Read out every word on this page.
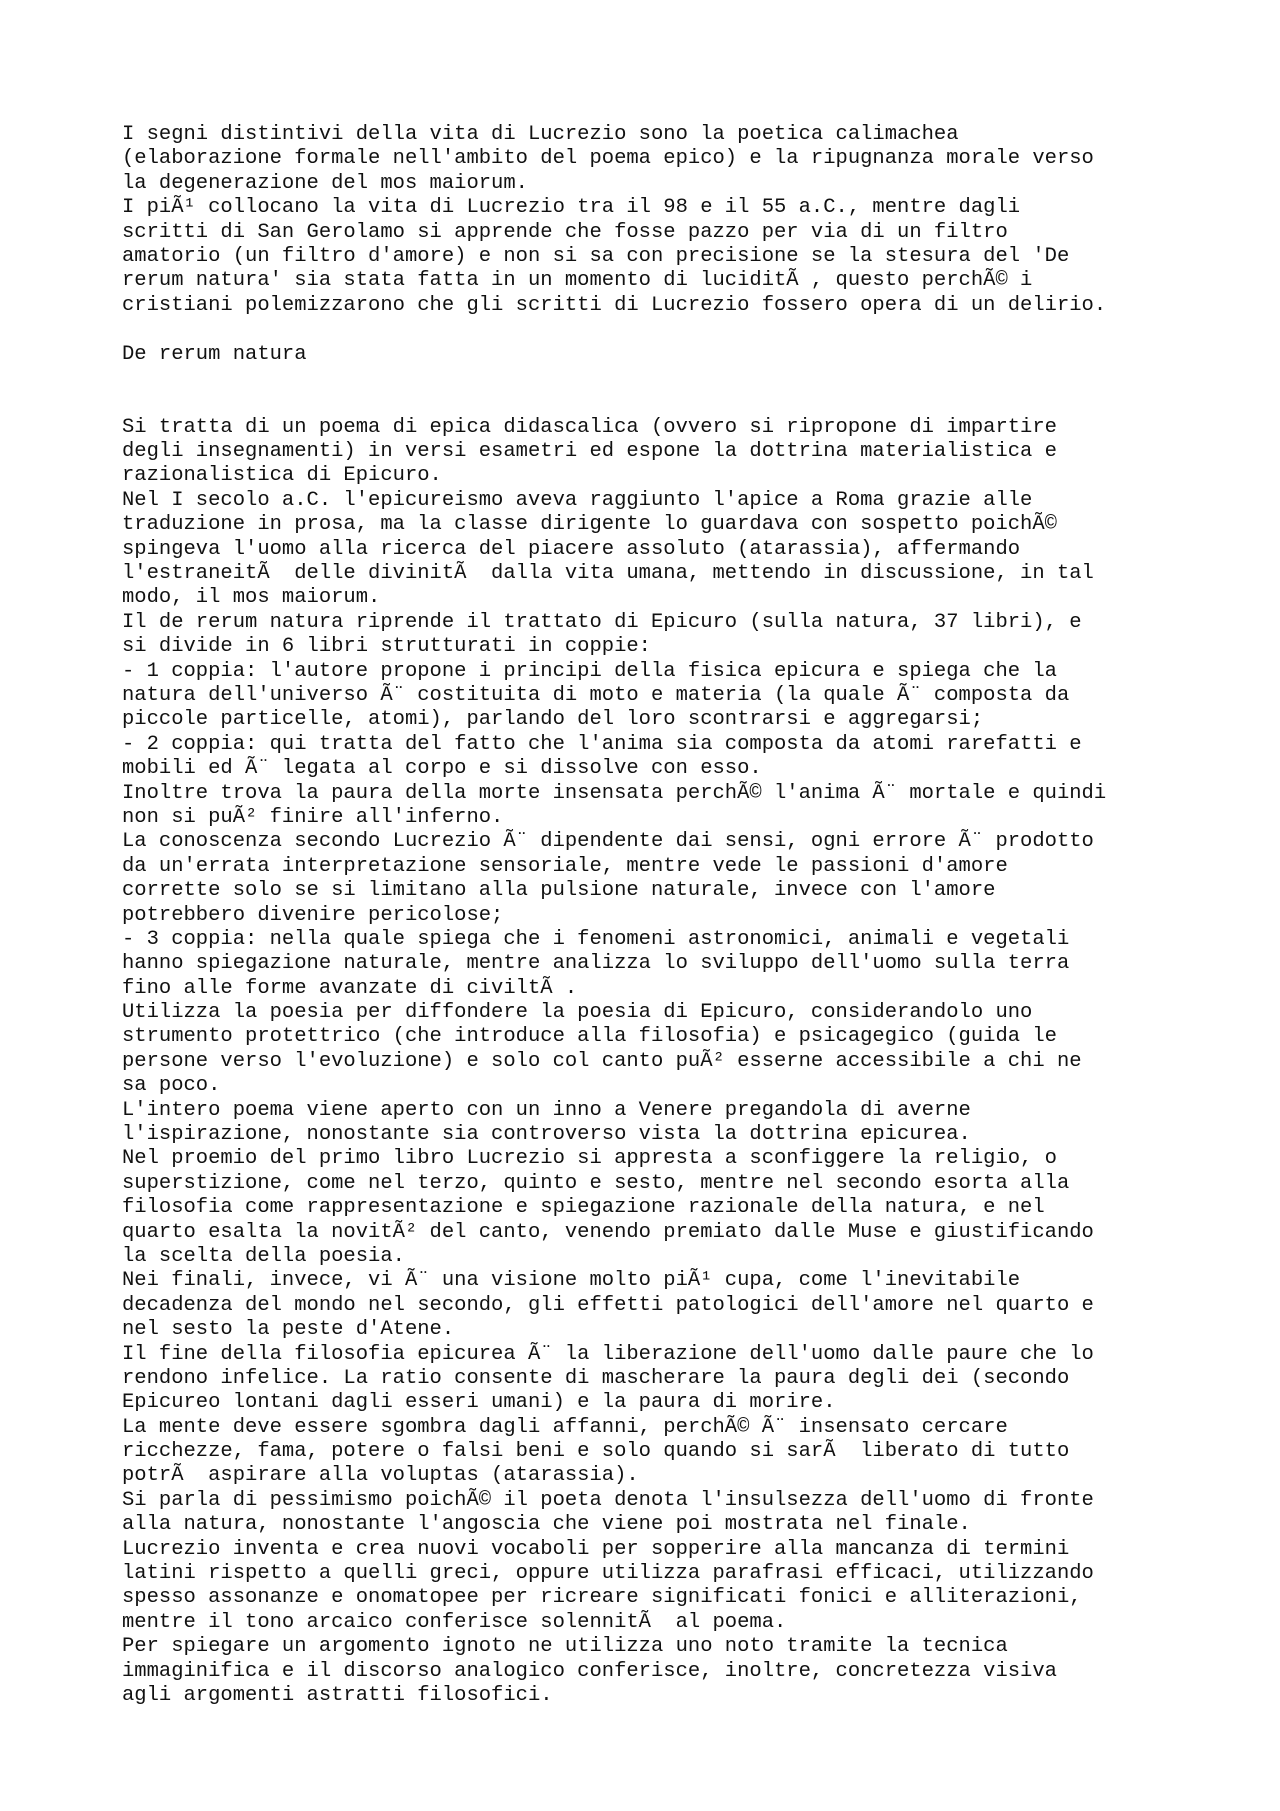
I segni distintivi della vita di Lucrezio sono la poetica calimachea
(elaborazione formale nell'ambito del poema epico) e la ripugnanza morale verso
la degenerazione del mos maiorum.
I piÃ¹ collocano la vita di Lucrezio tra il 98 e il 55 a.C., mentre dagli
scritti di San Gerolamo si apprende che fosse pazzo per via di un filtro
amatorio (un filtro d'amore) e non si sa con precisione se la stesura del 'De
rerum natura' sia stata fatta in un momento di luciditÃ , questo perchÃ© i
cristiani polemizzarono che gli scritti di Lucrezio fossero opera di un delirio.
De rerum natura
Si tratta di un poema di epica didascalica (ovvero si ripropone di impartire
degli insegnamenti) in versi esametri ed espone la dottrina materialistica e
razionalistica di Epicuro.
Nel I secolo a.C. l'epicureismo aveva raggiunto l'apice a Roma grazie alle
traduzione in prosa, ma la classe dirigente lo guardava con sospetto poichÃ©
spingeva l'uomo alla ricerca del piacere assoluto (atarassia), affermando
l'estraneitÃ  delle divinitÃ  dalla vita umana, mettendo in discussione, in tal
modo, il mos maiorum.
Il de rerum natura riprende il trattato di Epicuro (sulla natura, 37 libri), e
si divide in 6 libri strutturati in coppie:
- 1 coppia: l'autore propone i principi della fisica epicura e spiega che la
natura dell'universo Ã¨ costituita di moto e materia (la quale Ã¨ composta da
piccole particelle, atomi), parlando del loro scontrarsi e aggregarsi;
- 2 coppia: qui tratta del fatto che l'anima sia composta da atomi rarefatti e
mobili ed Ã¨ legata al corpo e si dissolve con esso.
Inoltre trova la paura della morte insensata perchÃ© l'anima Ã¨ mortale e quindi
non si puÃ² finire all'inferno.
La conoscenza secondo Lucrezio Ã¨ dipendente dai sensi, ogni errore Ã¨ prodotto
da un'errata interpretazione sensoriale, mentre vede le passioni d'amore
corrette solo se si limitano alla pulsione naturale, invece con l'amore
potrebbero divenire pericolose;
- 3 coppia: nella quale spiega che i fenomeni astronomici, animali e vegetali
hanno spiegazione naturale, mentre analizza lo sviluppo dell'uomo sulla terra
fino alle forme avanzate di civiltÃ .
Utilizza la poesia per diffondere la poesia di Epicuro, considerandolo uno
strumento protettrico (che introduce alla filosofia) e psicagegico (guida le
persone verso l'evoluzione) e solo col canto puÃ² esserne accessibile a chi ne
sa poco.
L'intero poema viene aperto con un inno a Venere pregandola di averne
l'ispirazione, nonostante sia controverso vista la dottrina epicurea.
Nel proemio del primo libro Lucrezio si appresta a sconfiggere la religio, o
superstizione, come nel terzo, quinto e sesto, mentre nel secondo esorta alla
filosofia come rappresentazione e spiegazione razionale della natura, e nel
quarto esalta la novitÃ² del canto, venendo premiato dalle Muse e giustificando
la scelta della poesia.
Nei finali, invece, vi Ã¨ una visione molto piÃ¹ cupa, come l'inevitabile
decadenza del mondo nel secondo, gli effetti patologici dell'amore nel quarto e
nel sesto la peste d'Atene.
Il fine della filosofia epicurea Ã¨ la liberazione dell'uomo dalle paure che lo
rendono infelice. La ratio consente di mascherare la paura degli dei (secondo
Epicureo lontani dagli esseri umani) e la paura di morire.
La mente deve essere sgombra dagli affanni, perchÃ© Ã¨ insensato cercare
ricchezze, fama, potere o falsi beni e solo quando si sarÃ  liberato di tutto
potrÃ  aspirare alla voluptas (atarassia).
Si parla di pessimismo poichÃ© il poeta denota l'insulsezza dell'uomo di fronte
alla natura, nonostante l'angoscia che viene poi mostrata nel finale.
Lucrezio inventa e crea nuovi vocaboli per sopperire alla mancanza di termini
latini rispetto a quelli greci, oppure utilizza parafrasi efficaci, utilizzando
spesso assonanze e onomatopee per ricreare significati fonici e alliterazioni,
mentre il tono arcaico conferisce solennitÃ  al poema.
Per spiegare un argomento ignoto ne utilizza uno noto tramite la tecnica
immaginifica e il discorso analogico conferisce, inoltre, concretezza visiva
agli argomenti astratti filosofici.
